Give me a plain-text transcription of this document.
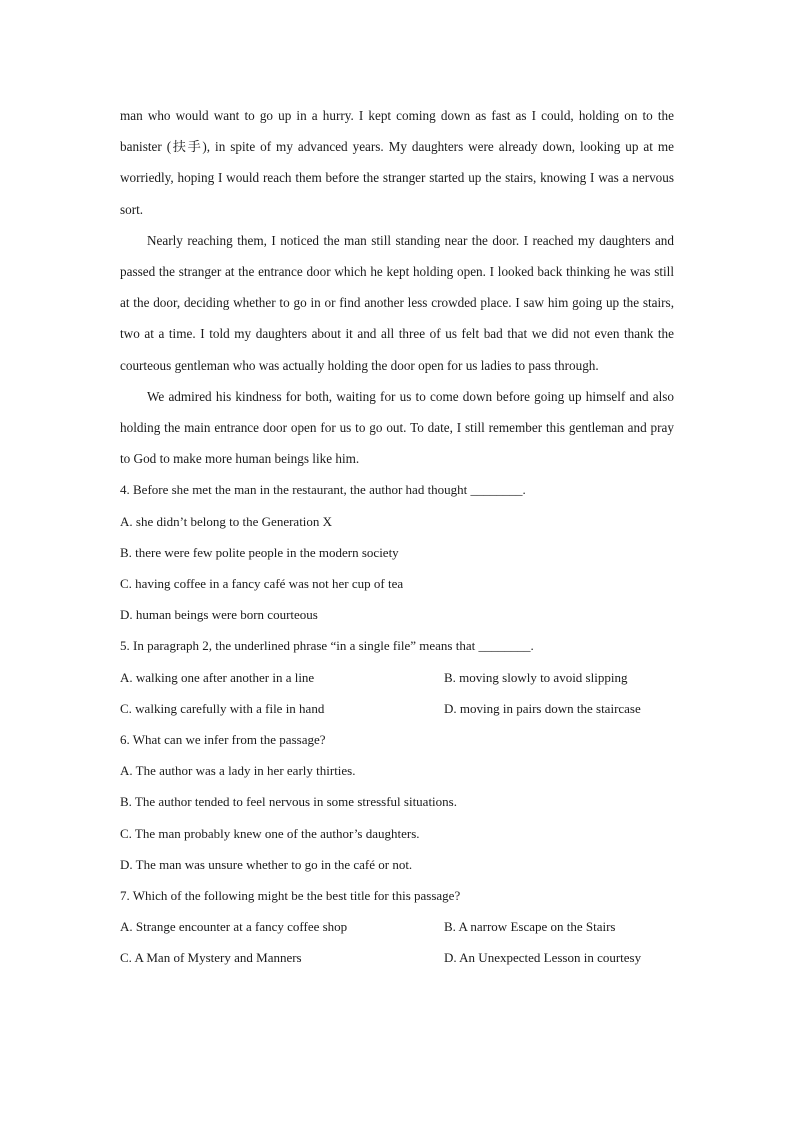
man who would want to go up in a hurry. I kept coming down as fast as I could, holding on to the banister (扶手), in spite of my advanced years. My daughters were already down, looking up at me worriedly, hoping I would reach them before the stranger started up the stairs, knowing I was a nervous sort.

Nearly reaching them, I noticed the man still standing near the door. I reached my daughters and passed the stranger at the entrance door which he kept holding open. I looked back thinking he was still at the door, deciding whether to go in or find another less crowded place. I saw him going up the stairs, two at a time. I told my daughters about it and all three of us felt bad that we did not even thank the courteous gentleman who was actually holding the door open for us ladies to pass through.

We admired his kindness for both, waiting for us to come down before going up himself and also holding the main entrance door open for us to go out. To date, I still remember this gentleman and pray to God to make more human beings like him.

4. Before she met the man in the restaurant, the author had thought ________.

A. she didn’t belong to the Generation X

B. there were few polite people in the modern society

C. having coffee in a fancy café was not her cup of tea

D. human beings were born courteous

5. In paragraph 2, the underlined phrase “in a single file” means that ________.

A. walking one after another in a line	B. moving slowly to avoid slipping
C. walking carefully with a file in hand	D. moving in pairs down the staircase

6. What can we infer from the passage?

A. The author was a lady in her early thirties.

B. The author tended to feel nervous in some stressful situations.

C. The man probably knew one of the author’s daughters.

D. The man was unsure whether to go in the café or not.

7. Which of the following might be the best title for this passage?

A. Strange encounter at a fancy coffee shop	B. A narrow Escape on the Stairs
C. A Man of Mystery and Manners	D. An Unexpected Lesson in courtesy
